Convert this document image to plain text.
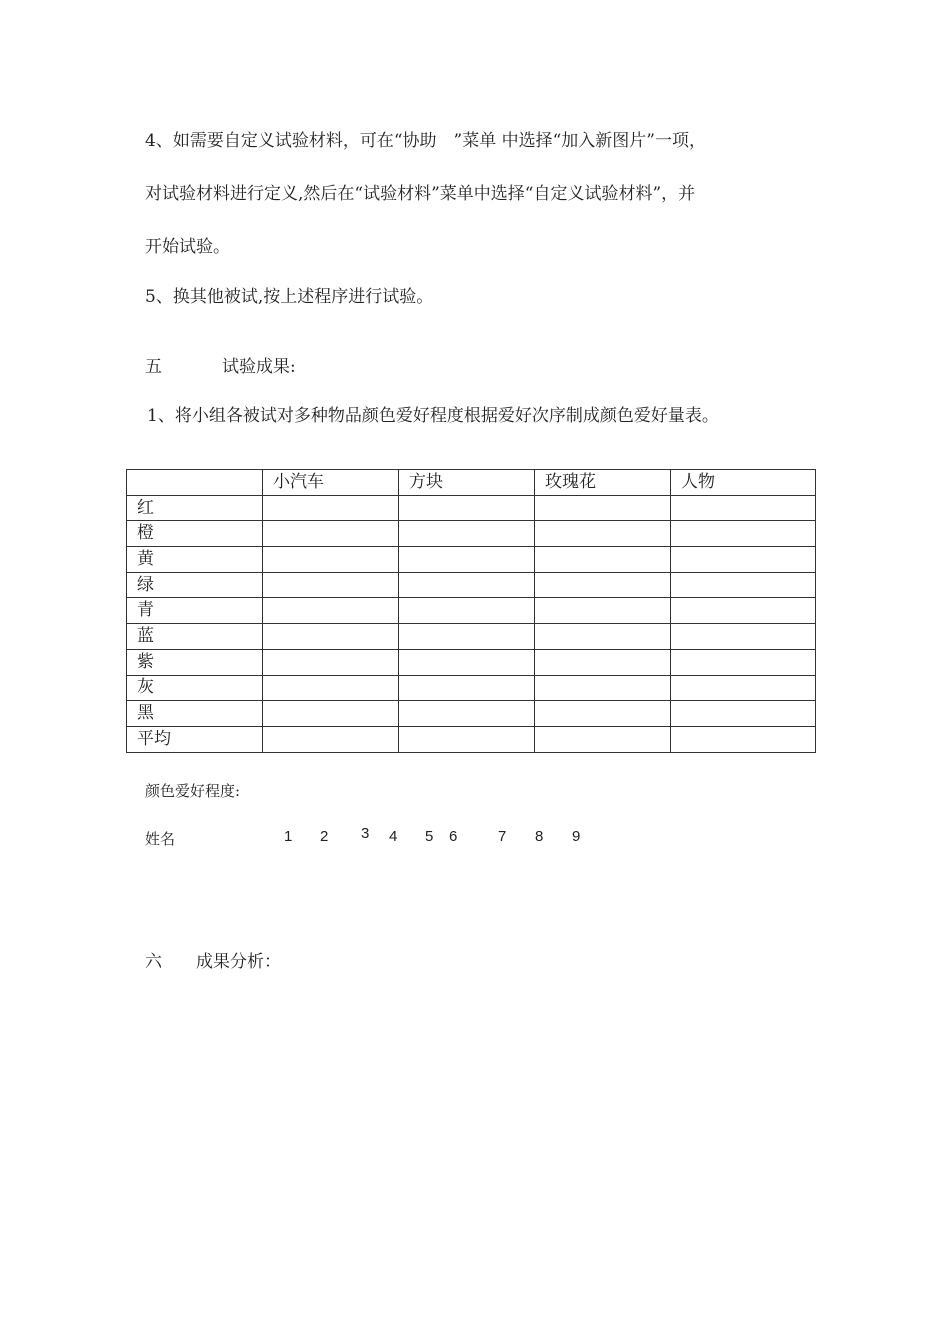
4、如需要自定义试验材料，可在“协助　”菜单 中选择“加入新图片”一项，
对试验材料进行定义,然后在“试验材料”菜单中选择“自定义试验材料”，并
开始试验。
5、换其他被试,按上述程序进行试验。
五	试验成果:
1、将小组各被试对多种物品颜色爱好程度根据爱好次序制成颜色爱好量表。
	小汽车	方块	玫瑰花	人物
红				
橙				
黄				
绿				
青				
蓝				
紫				
灰				
黑				
平均				
颜色爱好程度:
姓名	1 2 3 4 5 6	7 8 9
六 成果分析：
